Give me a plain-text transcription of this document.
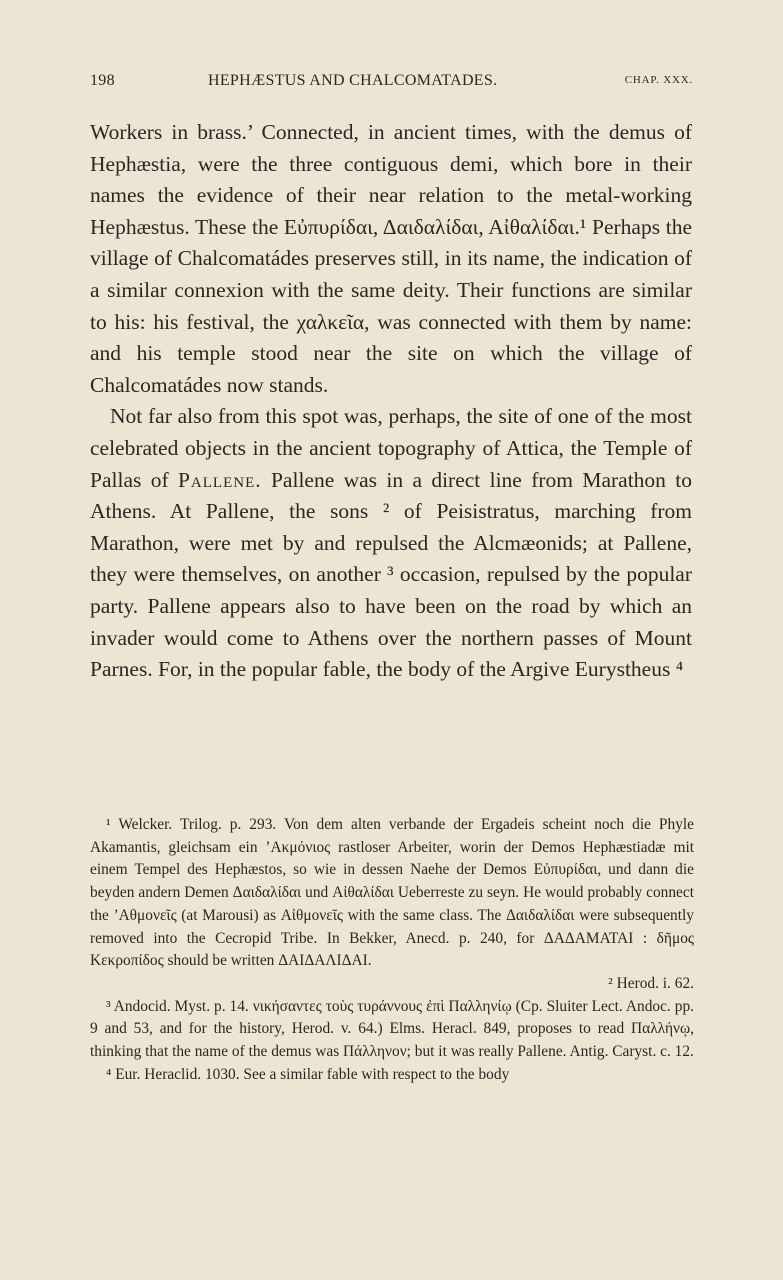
198	HEPHÆSTUS AND CHALCOMATADES.	CHAP. XXX.

Workers in brass.’ Connected, in ancient times, with the demus of Hephæstia, were the three contiguous demi, which bore in their names the evidence of their near relation to the metal-working Hephæstus. These the Εὐπυρίδαι, Δαιδαλίδαι, Αἰθαλίδαι.¹ Perhaps the village of Chalcomatádes preserves still, in its name, the indication of a similar connexion with the same deity. Their functions are similar to his: his festival, the χαλκεῖα, was connected with them by name: and his temple stood near the site on which the village of Chalcomatádes now stands.

Not far also from this spot was, perhaps, the site of one of the most celebrated objects in the ancient topography of Attica, the Temple of Pallas of Pallene. Pallene was in a direct line from Marathon to Athens. At Pallene, the sons ² of Peisistratus, marching from Marathon, were met by and repulsed the Alcmæonids; at Pallene, they were themselves, on another ³ occasion, repulsed by the popular party. Pallene appears also to have been on the road by which an invader would come to Athens over the northern passes of Mount Parnes. For, in the popular fable, the body of the Argive Eurystheus ⁴

¹ Welcker. Trilog. p. 293. Von dem alten verbande der Ergadeis scheint noch die Phyle Akamantis, gleichsam ein ’Ακμόνιος rastloser Arbeiter, worin der Demos Hephæstiadæ mit einem Tempel des Hephæstos, so wie in dessen Naehe der Demos Εὐπυρίδαι, und dann die beyden andern Demen Δαιδαλίδαι und Αἰθαλίδαι Ueberreste zu seyn. He would probably connect the ’Αθμονεῖς (at Marousi) as Αἰθμονεῖς with the same class. The Δαιδαλίδαι were subsequently removed into the Cecropid Tribe. In Bekker, Anecd. p. 240, for ΔΑΔΑΜΑΤΑΙ : δῆμος Κεκροπίδος should be written ΔΑΙΔΑΛΙΔΑΙ.

² Herod. i. 62.

³ Andocid. Myst. p. 14. νικήσαντες τοὺς τυράννους ἐπὶ Παλληνίῳ (Cp. Sluiter Lect. Andoc. pp. 9 and 53, and for the history, Herod. v. 64.) Elms. Heracl. 849, proposes to read Παλλήνῳ, thinking that the name of the demus was Πάλληνον; but it was really Pallene. Antig. Caryst. c. 12.

⁴ Eur. Heraclid. 1030. See a similar fable with respect to the body
